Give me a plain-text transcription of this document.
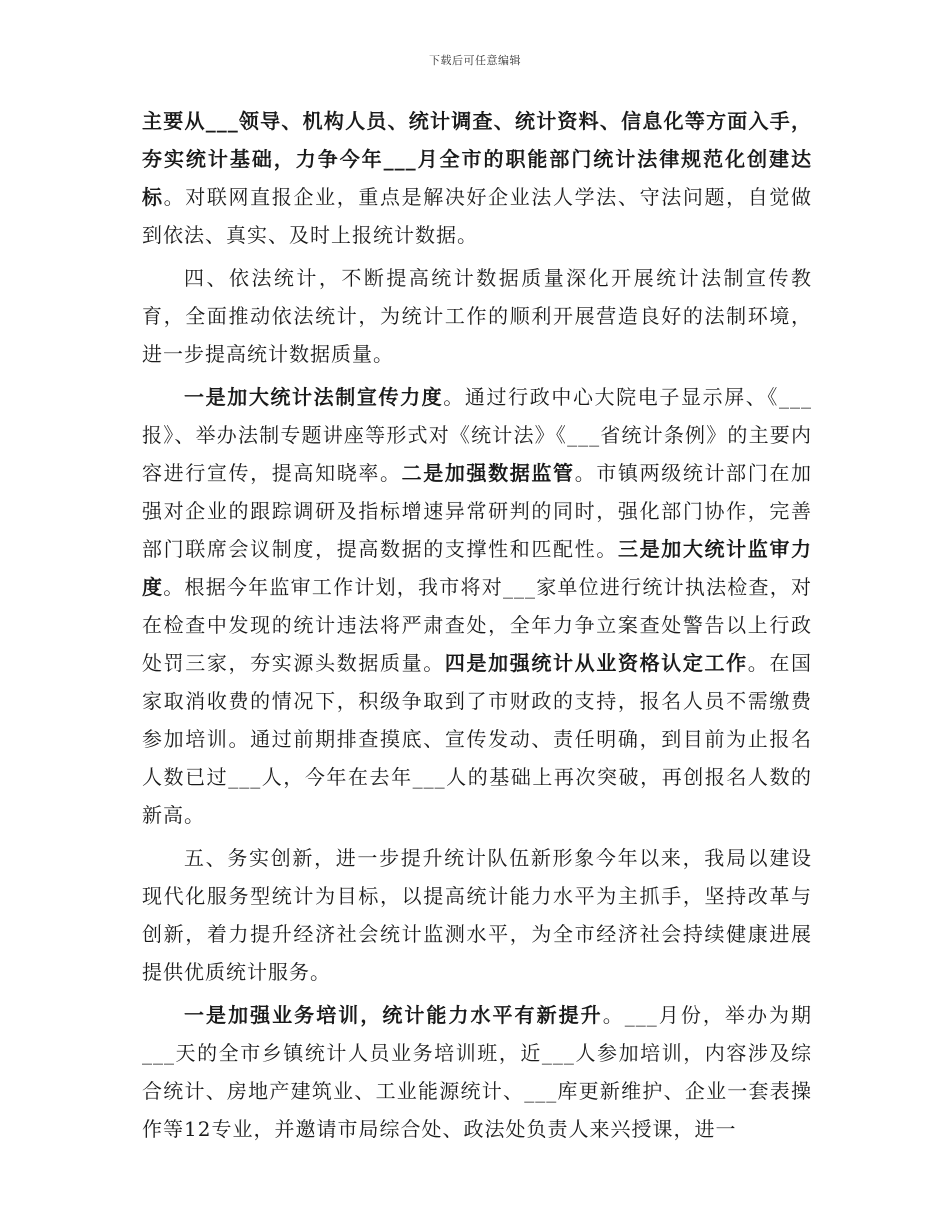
下载后可任意编辑

主要从___领导、机构人员、统计调查、统计资料、信息化等方面入手，夯实统计基础，力争今年___月全市的职能部门统计法律规范化创建达标。对联网直报企业，重点是解决好企业法人学法、守法问题，自觉做到依法、真实、及时上报统计数据。

四、依法统计，不断提高统计数据质量深化开展统计法制宣传教育，全面推动依法统计，为统计工作的顺利开展营造良好的法制环境，进一步提高统计数据质量。

一是加大统计法制宣传力度。通过行政中心大院电子显示屏、《___报》、举办法制专题讲座等形式对《统计法》《___省统计条例》的主要内容进行宣传，提高知晓率。二是加强数据监管。市镇两级统计部门在加强对企业的跟踪调研及指标增速异常研判的同时，强化部门协作，完善部门联席会议制度，提高数据的支撑性和匹配性。三是加大统计监审力度。根据今年监审工作计划，我市将对___家单位进行统计执法检查，对在检查中发现的统计违法将严肃查处，全年力争立案查处警告以上行政处罚三家，夯实源头数据质量。四是加强统计从业资格认定工作。在国家取消收费的情况下，积级争取到了市财政的支持，报名人员不需缴费参加培训。通过前期排查摸底、宣传发动、责任明确，到目前为止报名人数已过___人，今年在去年___人的基础上再次突破，再创报名人数的新高。

五、务实创新，进一步提升统计队伍新形象今年以来，我局以建设现代化服务型统计为目标，以提高统计能力水平为主抓手，坚持改革与创新，着力提升经济社会统计监测水平，为全市经济社会持续健康进展提供优质统计服务。

一是加强业务培训，统计能力水平有新提升。___月份，举办为期___天的全市乡镇统计人员业务培训班，近___人参加培训，内容涉及综合统计、房地产建筑业、工业能源统计、___库更新维护、企业一套表操作等12专业，并邀请市局综合处、政法处负责人来兴授课，进一
